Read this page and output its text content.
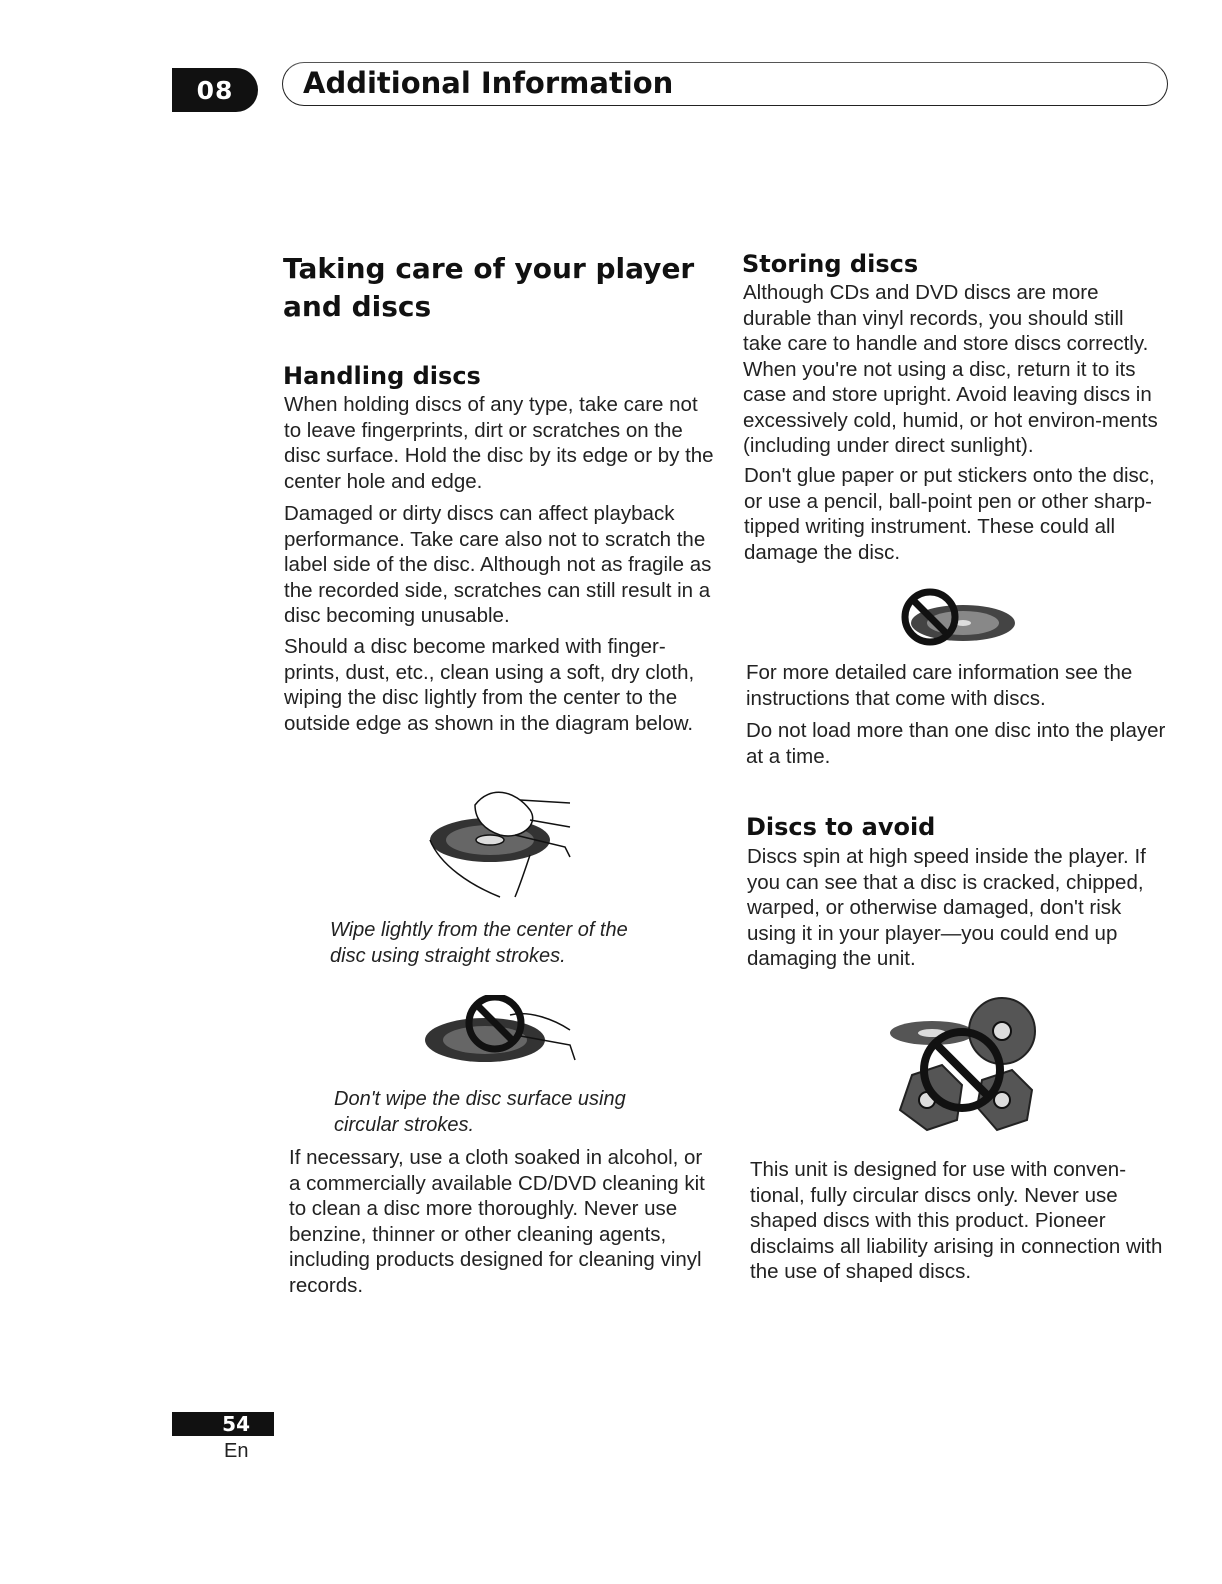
08	Additional Information
Taking care of your player and discs
Handling discs

When holding discs of any type, take care not to leave fingerprints, dirt or scratches on the disc surface. Hold the disc by its edge or by the center hole and edge.

Damaged or dirty discs can affect playback performance. Take care also not to scratch the label side of the disc. Although not as fragile as the recorded side, scratches can still result in a disc becoming unusable.

Should a disc become marked with finger-prints, dust, etc., clean using a soft, dry cloth, wiping the disc lightly from the center to the outside edge as shown in the diagram below.

Wipe lightly from the center of the disc using straight strokes.

Don't wipe the disc surface using circular strokes.

If necessary, use a cloth soaked in alcohol, or a commercially available CD/DVD cleaning kit to clean a disc more thoroughly. Never use benzine, thinner or other cleaning agents, including products designed for cleaning vinyl records.

Storing discs

Although CDs and DVD discs are more durable than vinyl records, you should still take care to handle and store discs correctly. When you're not using a disc, return it to its case and store upright. Avoid leaving discs in excessively cold, humid, or hot environ-ments (including under direct sunlight).

Don't glue paper or put stickers onto the disc, or use a pencil, ball-point pen or other sharp-tipped writing instrument. These could all damage the disc.

For more detailed care information see the instructions that come with discs.

Do not load more than one disc into the player at a time.

Discs to avoid

Discs spin at high speed inside the player. If you can see that a disc is cracked, chipped, warped, or otherwise damaged, don't risk using it in your player—you could end up damaging the unit.

This unit is designed for use with conven-tional, fully circular discs only. Never use shaped discs with this product. Pioneer disclaims all liability arising in connection with the use of shaped discs.

54
En
